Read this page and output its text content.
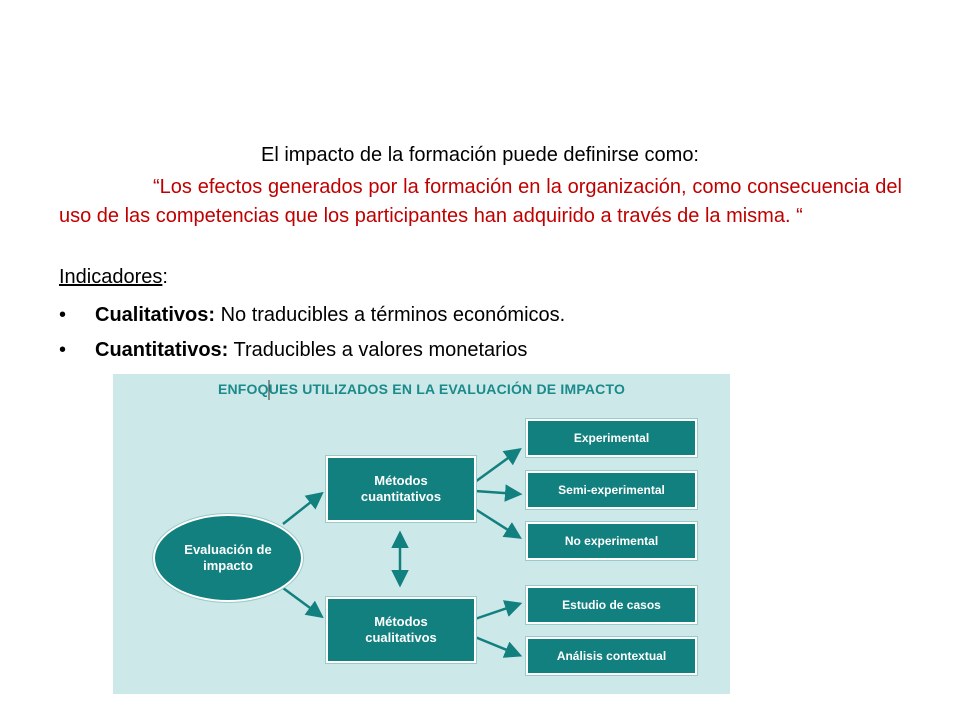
El impacto de la formación puede definirse como:

“Los efectos generados por la formación en la organización, como consecuencia del uso de las competencias que los participantes han adquirido a través de la misma. “

Indicadores:
• Cualitativos: No traducibles a términos económicos.
• Cuantitativos: Traducibles a valores monetarios
ENFOQUES UTILIZADOS EN LA EVALUACIÓN DE IMPACTO
Evaluación de impacto
Métodos cuantitativos
Métodos cualitativos
Experimental
Semi-experimental
No experimental
Estudio de casos
Análisis contextual
